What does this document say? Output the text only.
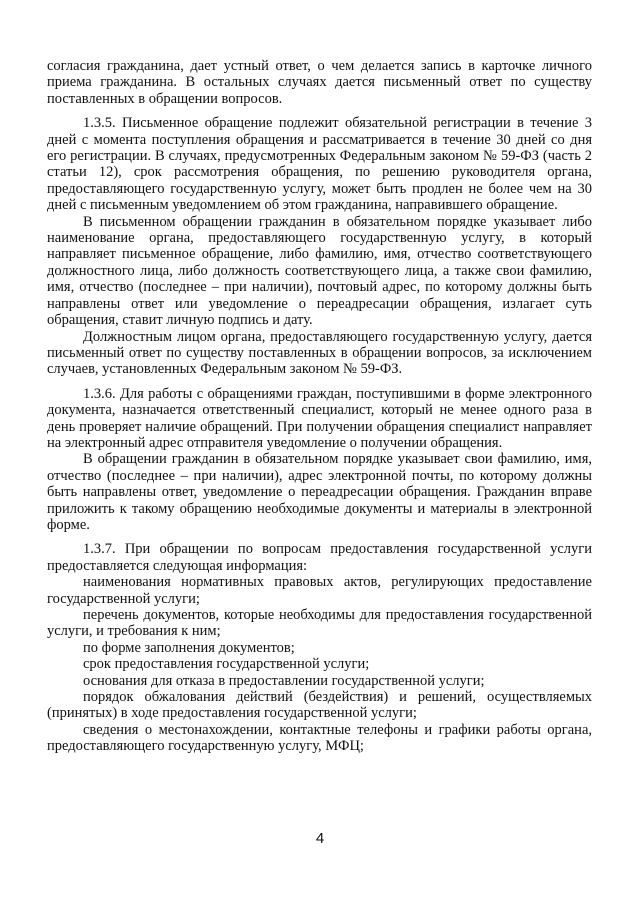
согласия гражданина, дает устный ответ, о чем делается запись в карточке личного приема гражданина. В остальных случаях дается письменный ответ по существу поставленных в обращении вопросов.

1.3.5. Письменное обращение подлежит обязательной регистрации в течение 3 дней с момента поступления обращения и рассматривается в течение 30 дней со дня его регистрации. В случаях, предусмотренных Федеральным законом № 59-ФЗ (часть 2 статьи 12), срок рассмотрения обращения, по решению руководителя органа, предоставляющего государственную услугу, может быть продлен не более чем на 30 дней с письменным уведомлением об этом гражданина, направившего обращение.

В письменном обращении гражданин в обязательном порядке указывает либо наименование органа, предоставляющего государственную услугу, в который направляет письменное обращение, либо фамилию, имя, отчество соответствующего должностного лица, либо должность соответствующего лица, а также свои фамилию, имя, отчество (последнее – при наличии), почтовый адрес, по которому должны быть направлены ответ или уведомление о переадресации обращения, излагает суть обращения, ставит личную подпись и дату.

Должностным лицом органа, предоставляющего государственную услугу, дается письменный ответ по существу поставленных в обращении вопросов, за исключением случаев, установленных Федеральным законом № 59-ФЗ.

1.3.6. Для работы с обращениями граждан, поступившими в форме электронного документа, назначается ответственный специалист, который не менее одного раза в день проверяет наличие обращений. При получении обращения специалист направляет на электронный адрес отправителя уведомление о получении обращения.

В обращении гражданин в обязательном порядке указывает свои фамилию, имя, отчество (последнее – при наличии), адрес электронной почты, по которому должны быть направлены ответ, уведомление о переадресации обращения. Гражданин вправе приложить к такому обращению необходимые документы и материалы в электронной форме.

1.3.7. При обращении по вопросам предоставления государственной услуги предоставляется следующая информация:

наименования нормативных правовых актов, регулирующих предоставление государственной услуги;

перечень документов, которые необходимы для предоставления государственной услуги, и требования к ним;

по форме заполнения документов;

срок предоставления государственной услуги;

основания для отказа в предоставлении государственной услуги;

порядок обжалования действий (бездействия) и решений, осуществляемых (принятых) в ходе предоставления государственной услуги;

сведения о местонахождении, контактные телефоны и графики работы органа, предоставляющего государственную услугу, МФЦ;

4
